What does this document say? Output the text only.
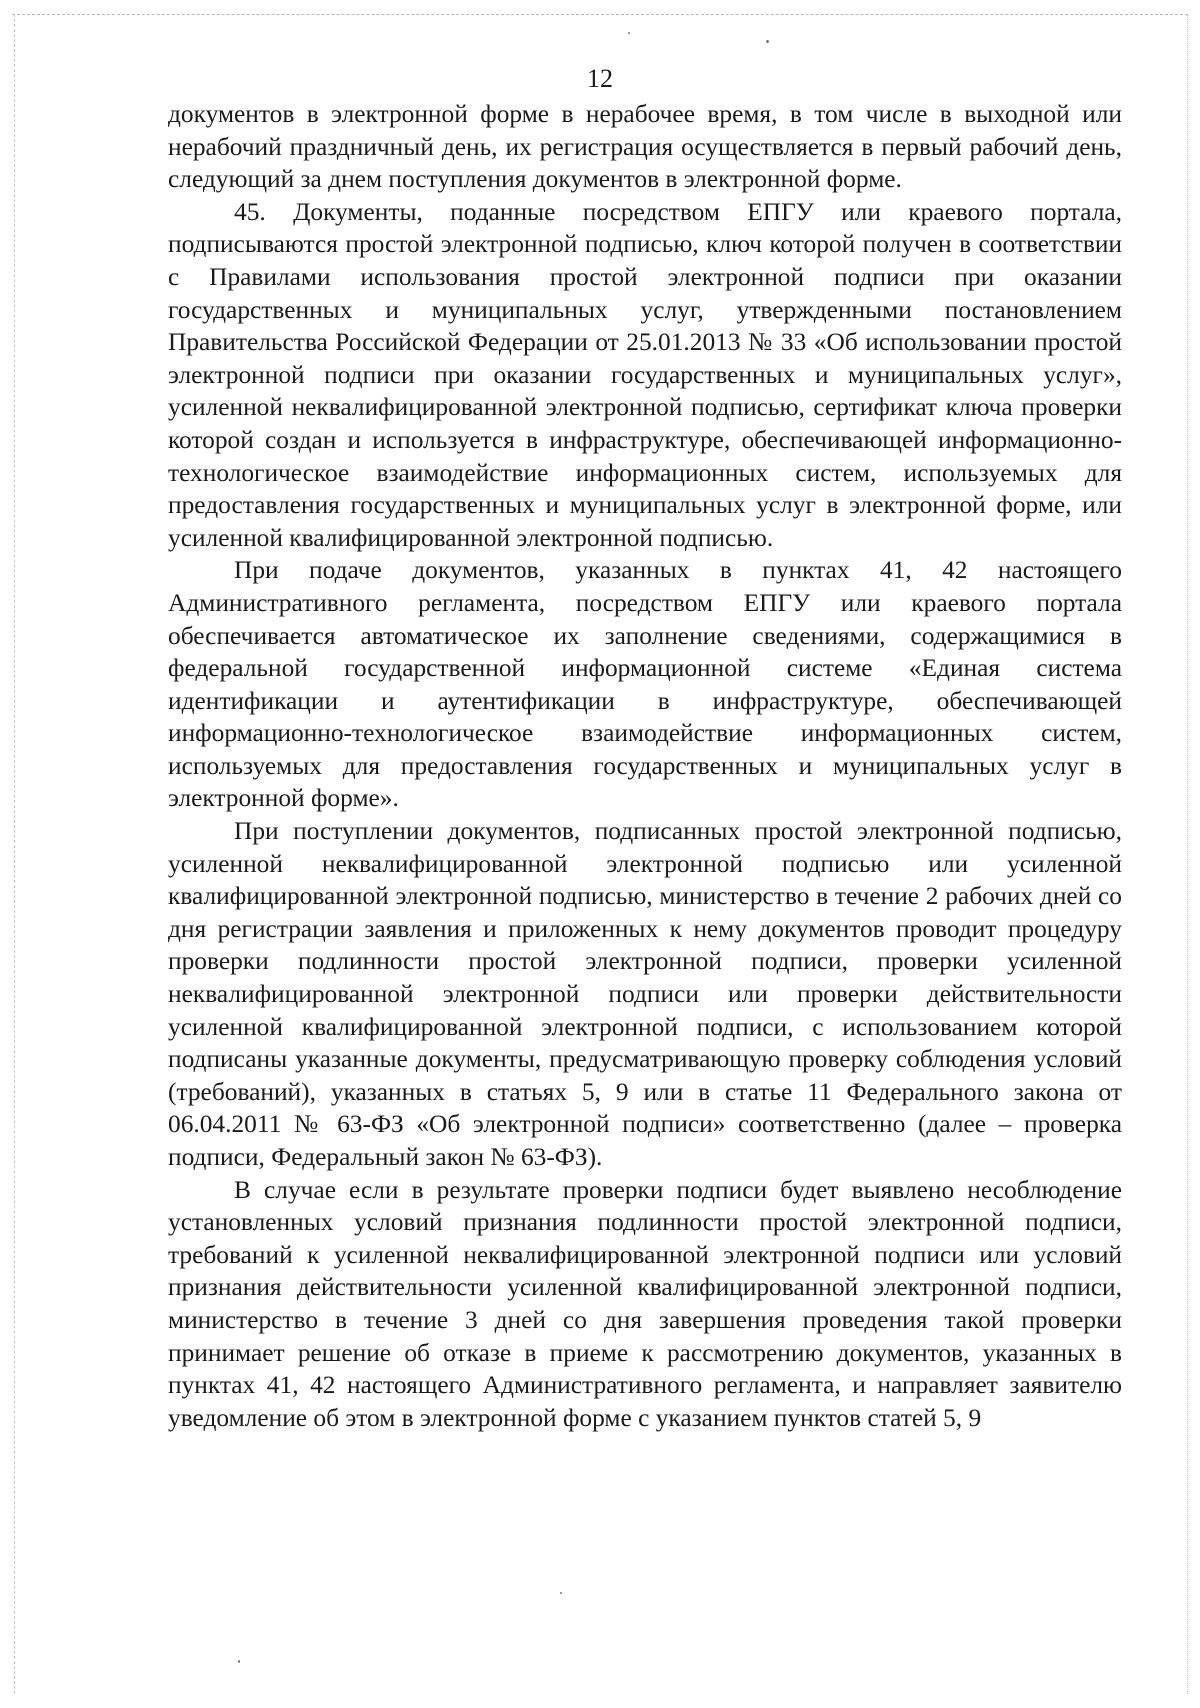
12

документов в электронной форме в нерабочее время, в том числе в выходной или нерабочий праздничный день, их регистрация осуществляется в первый рабочий день, следующий за днем поступления документов в электронной форме.

45. Документы, поданные посредством ЕПГУ или краевого портала, подписываются простой электронной подписью, ключ которой получен в соответствии с Правилами использования простой электронной подписи при оказании государственных и муниципальных услуг, утвержденными постановлением Правительства Российской Федерации от 25.01.2013 № 33 «Об использовании простой электронной подписи при оказании государственных и муниципальных услуг», усиленной неквалифицированной электронной подписью, сертификат ключа проверки которой создан и используется в инфраструктуре, обеспечивающей информационно-технологическое взаимодействие информационных систем, используемых для предоставления государственных и муниципальных услуг в электронной форме, или усиленной квалифицированной электронной подписью.

При подаче документов, указанных в пунктах 41, 42 настоящего Административного регламента, посредством ЕПГУ или краевого портала обеспечивается автоматическое их заполнение сведениями, содержащимися в федеральной государственной информационной системе «Единая система идентификации и аутентификации в инфраструктуре, обеспечивающей информационно-технологическое взаимодействие информационных систем, используемых для предоставления государственных и муниципальных услуг в электронной форме».

При поступлении документов, подписанных простой электронной подписью, усиленной неквалифицированной электронной подписью или усиленной квалифицированной электронной подписью, министерство в течение 2 рабочих дней со дня регистрации заявления и приложенных к нему документов проводит процедуру проверки подлинности простой электронной подписи, проверки усиленной неквалифицированной электронной подписи или проверки действительности усиленной квалифицированной электронной подписи, с использованием которой подписаны указанные документы, предусматривающую проверку соблюдения условий (требований), указанных в статьях 5, 9 или в статье 11 Федерального закона от 06.04.2011 № 63-ФЗ «Об электронной подписи» соответственно (далее – проверка подписи, Федеральный закон № 63-ФЗ).

В случае если в результате проверки подписи будет выявлено несоблюдение установленных условий признания подлинности простой электронной подписи, требований к усиленной неквалифицированной электронной подписи или условий признания действительности усиленной квалифицированной электронной подписи, министерство в течение 3 дней со дня завершения проведения такой проверки принимает решение об отказе в приеме к рассмотрению документов, указанных в пунктах 41, 42 настоящего Административного регламента, и направляет заявителю уведомление об этом в электронной форме с указанием пунктов статей 5, 9
